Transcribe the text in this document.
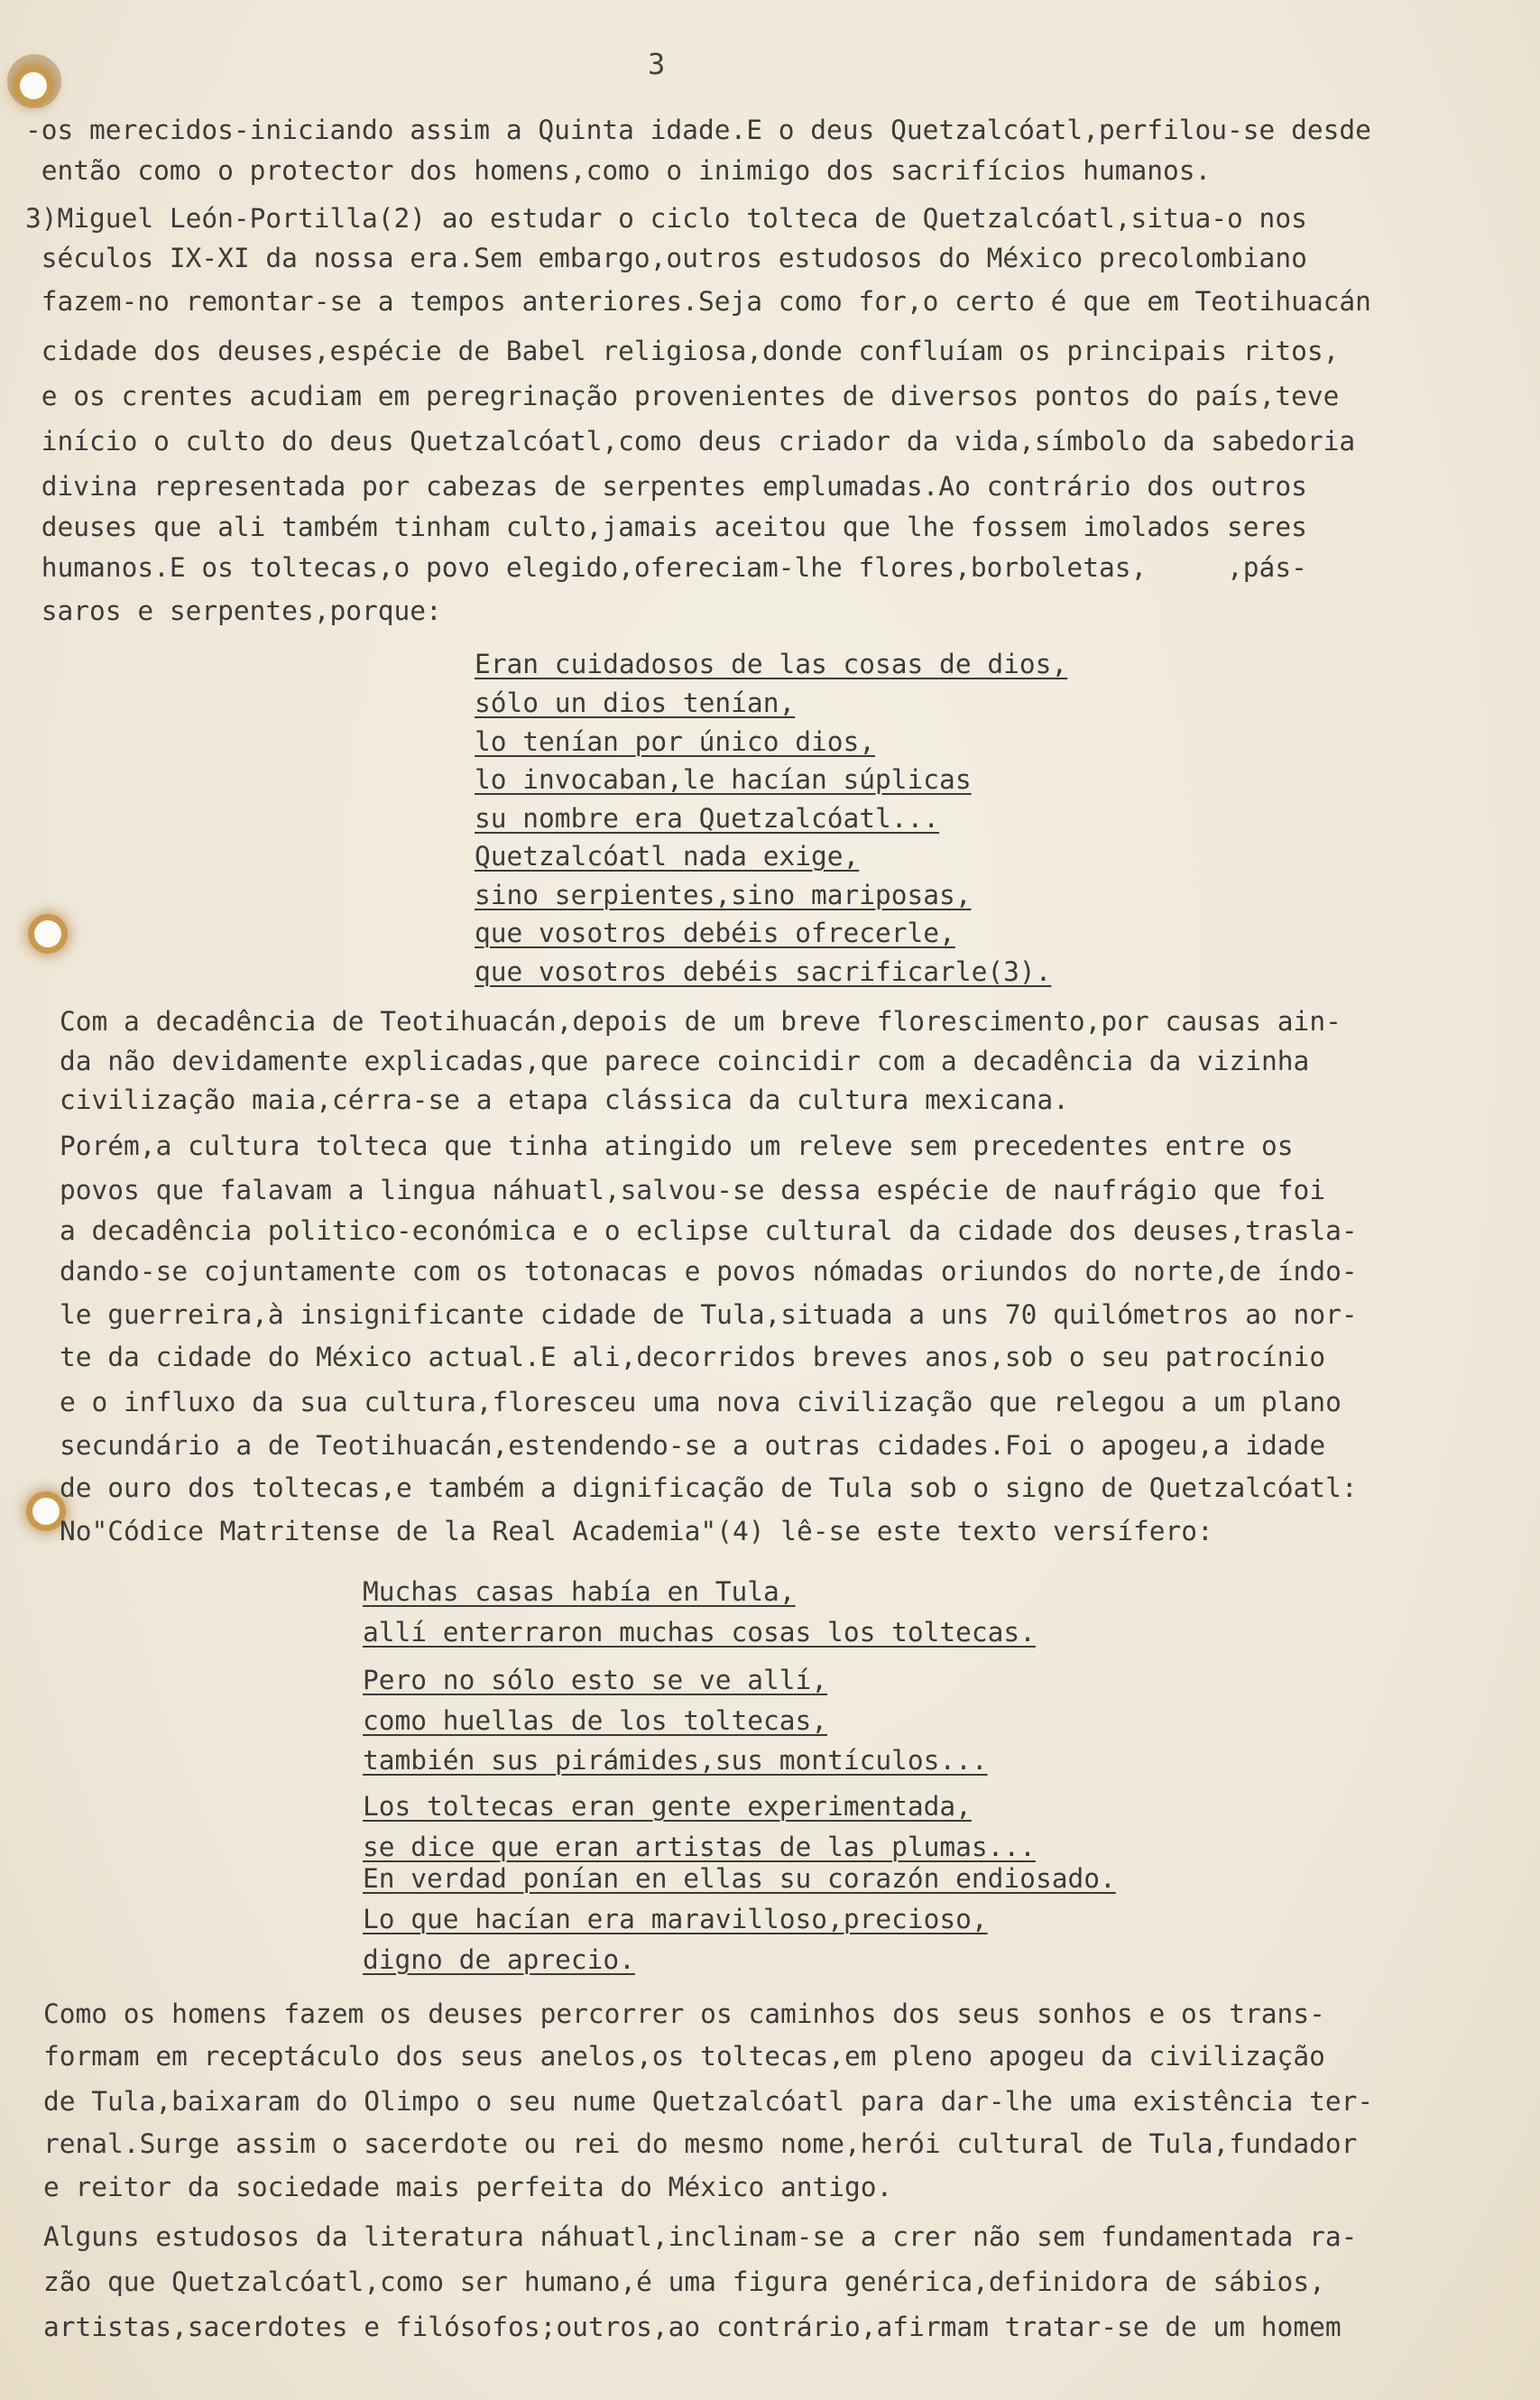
3
-os merecidos-iniciando assim a Quinta idade.E o deus Quetzalcóatl,perfilou-se desde
então como o protector dos homens,como o inimigo dos sacrifícios humanos.
3)Miguel León-Portilla(2) ao estudar o ciclo tolteca de Quetzalcóatl,situa-o nos
séculos IX-XI da nossa era.Sem embargo,outros estudosos do México precolombiano
fazem-no remontar-se a tempos anteriores.Seja como for,o certo é que em Teotihuacán
cidade dos deuses,espécie de Babel religiosa,donde confluíam os principais ritos,
e os crentes acudiam em peregrinação provenientes de diversos pontos do país,teve
início o culto do deus Quetzalcóatl,como deus criador da vida,símbolo da sabedoria
divina representada por cabezas de serpentes emplumadas.Ao contrário dos outros
deuses que ali também tinham culto,jamais aceitou que lhe fossem imolados seres
humanos.E os toltecas,o povo elegido,ofereciam-lhe flores,borboletas,     ,pás-
saros e serpentes,porque:
Eran cuidadosos de las cosas de dios,
sólo un dios tenían,
lo tenían por único dios,
lo invocaban,le hacían súplicas
su nombre era Quetzalcóatl...
Quetzalcóatl nada exige,
sino serpientes,sino mariposas,
que vosotros debéis ofrecerle,
que vosotros debéis sacrificarle(3).
Com a decadência de Teotihuacán,depois de um breve florescimento,por causas ain-
da não devidamente explicadas,que parece coincidir com a decadência da vizinha
civilização maia,cérra-se a etapa clássica da cultura mexicana.
Porém,a cultura tolteca que tinha atingido um releve sem precedentes entre os
povos que falavam a lingua náhuatl,salvou-se dessa espécie de naufrágio que foi
a decadência politico-económica e o eclipse cultural da cidade dos deuses,trasla-
dando-se cojuntamente com os totonacas e povos nómadas oriundos do norte,de índo-
le guerreira,à insignificante cidade de Tula,situada a uns 70 quilómetros ao nor-
te da cidade do México actual.E ali,decorridos breves anos,sob o seu patrocínio
e o influxo da sua cultura,floresceu uma nova civilização que relegou a um plano
secundário a de Teotihuacán,estendendo-se a outras cidades.Foi o apogeu,a idade
de ouro dos toltecas,e também a dignificação de Tula sob o signo de Quetzalcóatl:
No"Códice Matritense de la Real Academia"(4) lê-se este texto versífero:
Muchas casas había en Tula,
allí enterraron muchas cosas los toltecas.
Pero no sólo esto se ve allí,
como huellas de los toltecas,
también sus pirámides,sus montículos...
Los toltecas eran gente experimentada,
se dice que eran artistas de las plumas...
En verdad ponían en ellas su corazón endiosado.
Lo que hacían era maravilloso,precioso,
digno de aprecio.
Como os homens fazem os deuses percorrer os caminhos dos seus sonhos e os trans-
formam em receptáculo dos seus anelos,os toltecas,em pleno apogeu da civilização
de Tula,baixaram do Olimpo o seu nume Quetzalcóatl para dar-lhe uma existência ter-
renal.Surge assim o sacerdote ou rei do mesmo nome,herói cultural de Tula,fundador
e reitor da sociedade mais perfeita do México antigo.
Alguns estudosos da literatura náhuatl,inclinam-se a crer não sem fundamentada ra-
zão que Quetzalcóatl,como ser humano,é uma figura genérica,definidora de sábios,
artistas,sacerdotes e filósofos;outros,ao contrário,afirmam tratar-se de um homem
